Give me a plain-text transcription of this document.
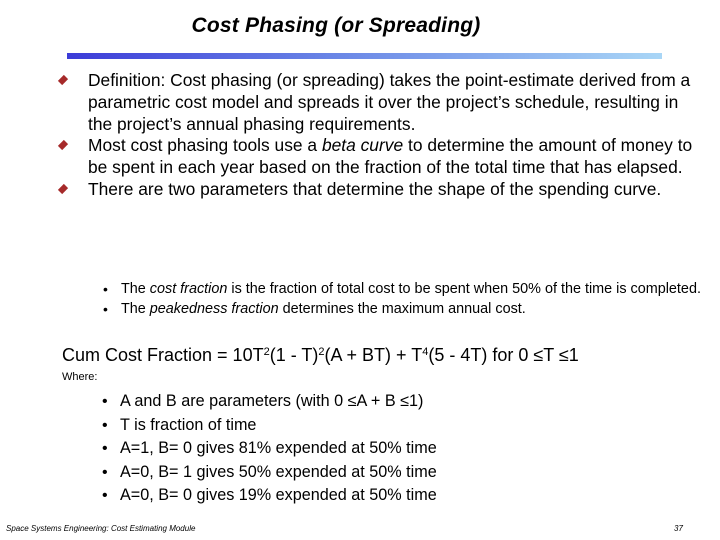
Cost Phasing (or Spreading)
Definition: Cost phasing (or spreading) takes the point-estimate derived from a parametric cost model and spreads it over the project’s schedule, resulting in the project’s annual phasing requirements.
Most cost phasing tools use a beta curve to determine the amount of money to be spent in each year based on the fraction of the total time that has elapsed.
There are two parameters that determine the shape of the spending curve.
• The cost fraction is the fraction of total cost to be spent when 50% of the time is completed.
• The peakedness fraction determines the maximum annual cost.
Cum Cost Fraction = $10T^2(1 - T)^2(A + BT) + T^4(5 - 4T)$ for 0 ≤T ≤1
Where:
• A and B are parameters (with 0 ≤A + B ≤1)
• T is fraction of time
• A=1, B= 0 gives 81% expended at 50% time
• A=0, B= 1 gives 50% expended at 50% time
• A=0, B= 0 gives 19% expended at 50% time
Space Systems Engineering: Cost Estimating Module	37
